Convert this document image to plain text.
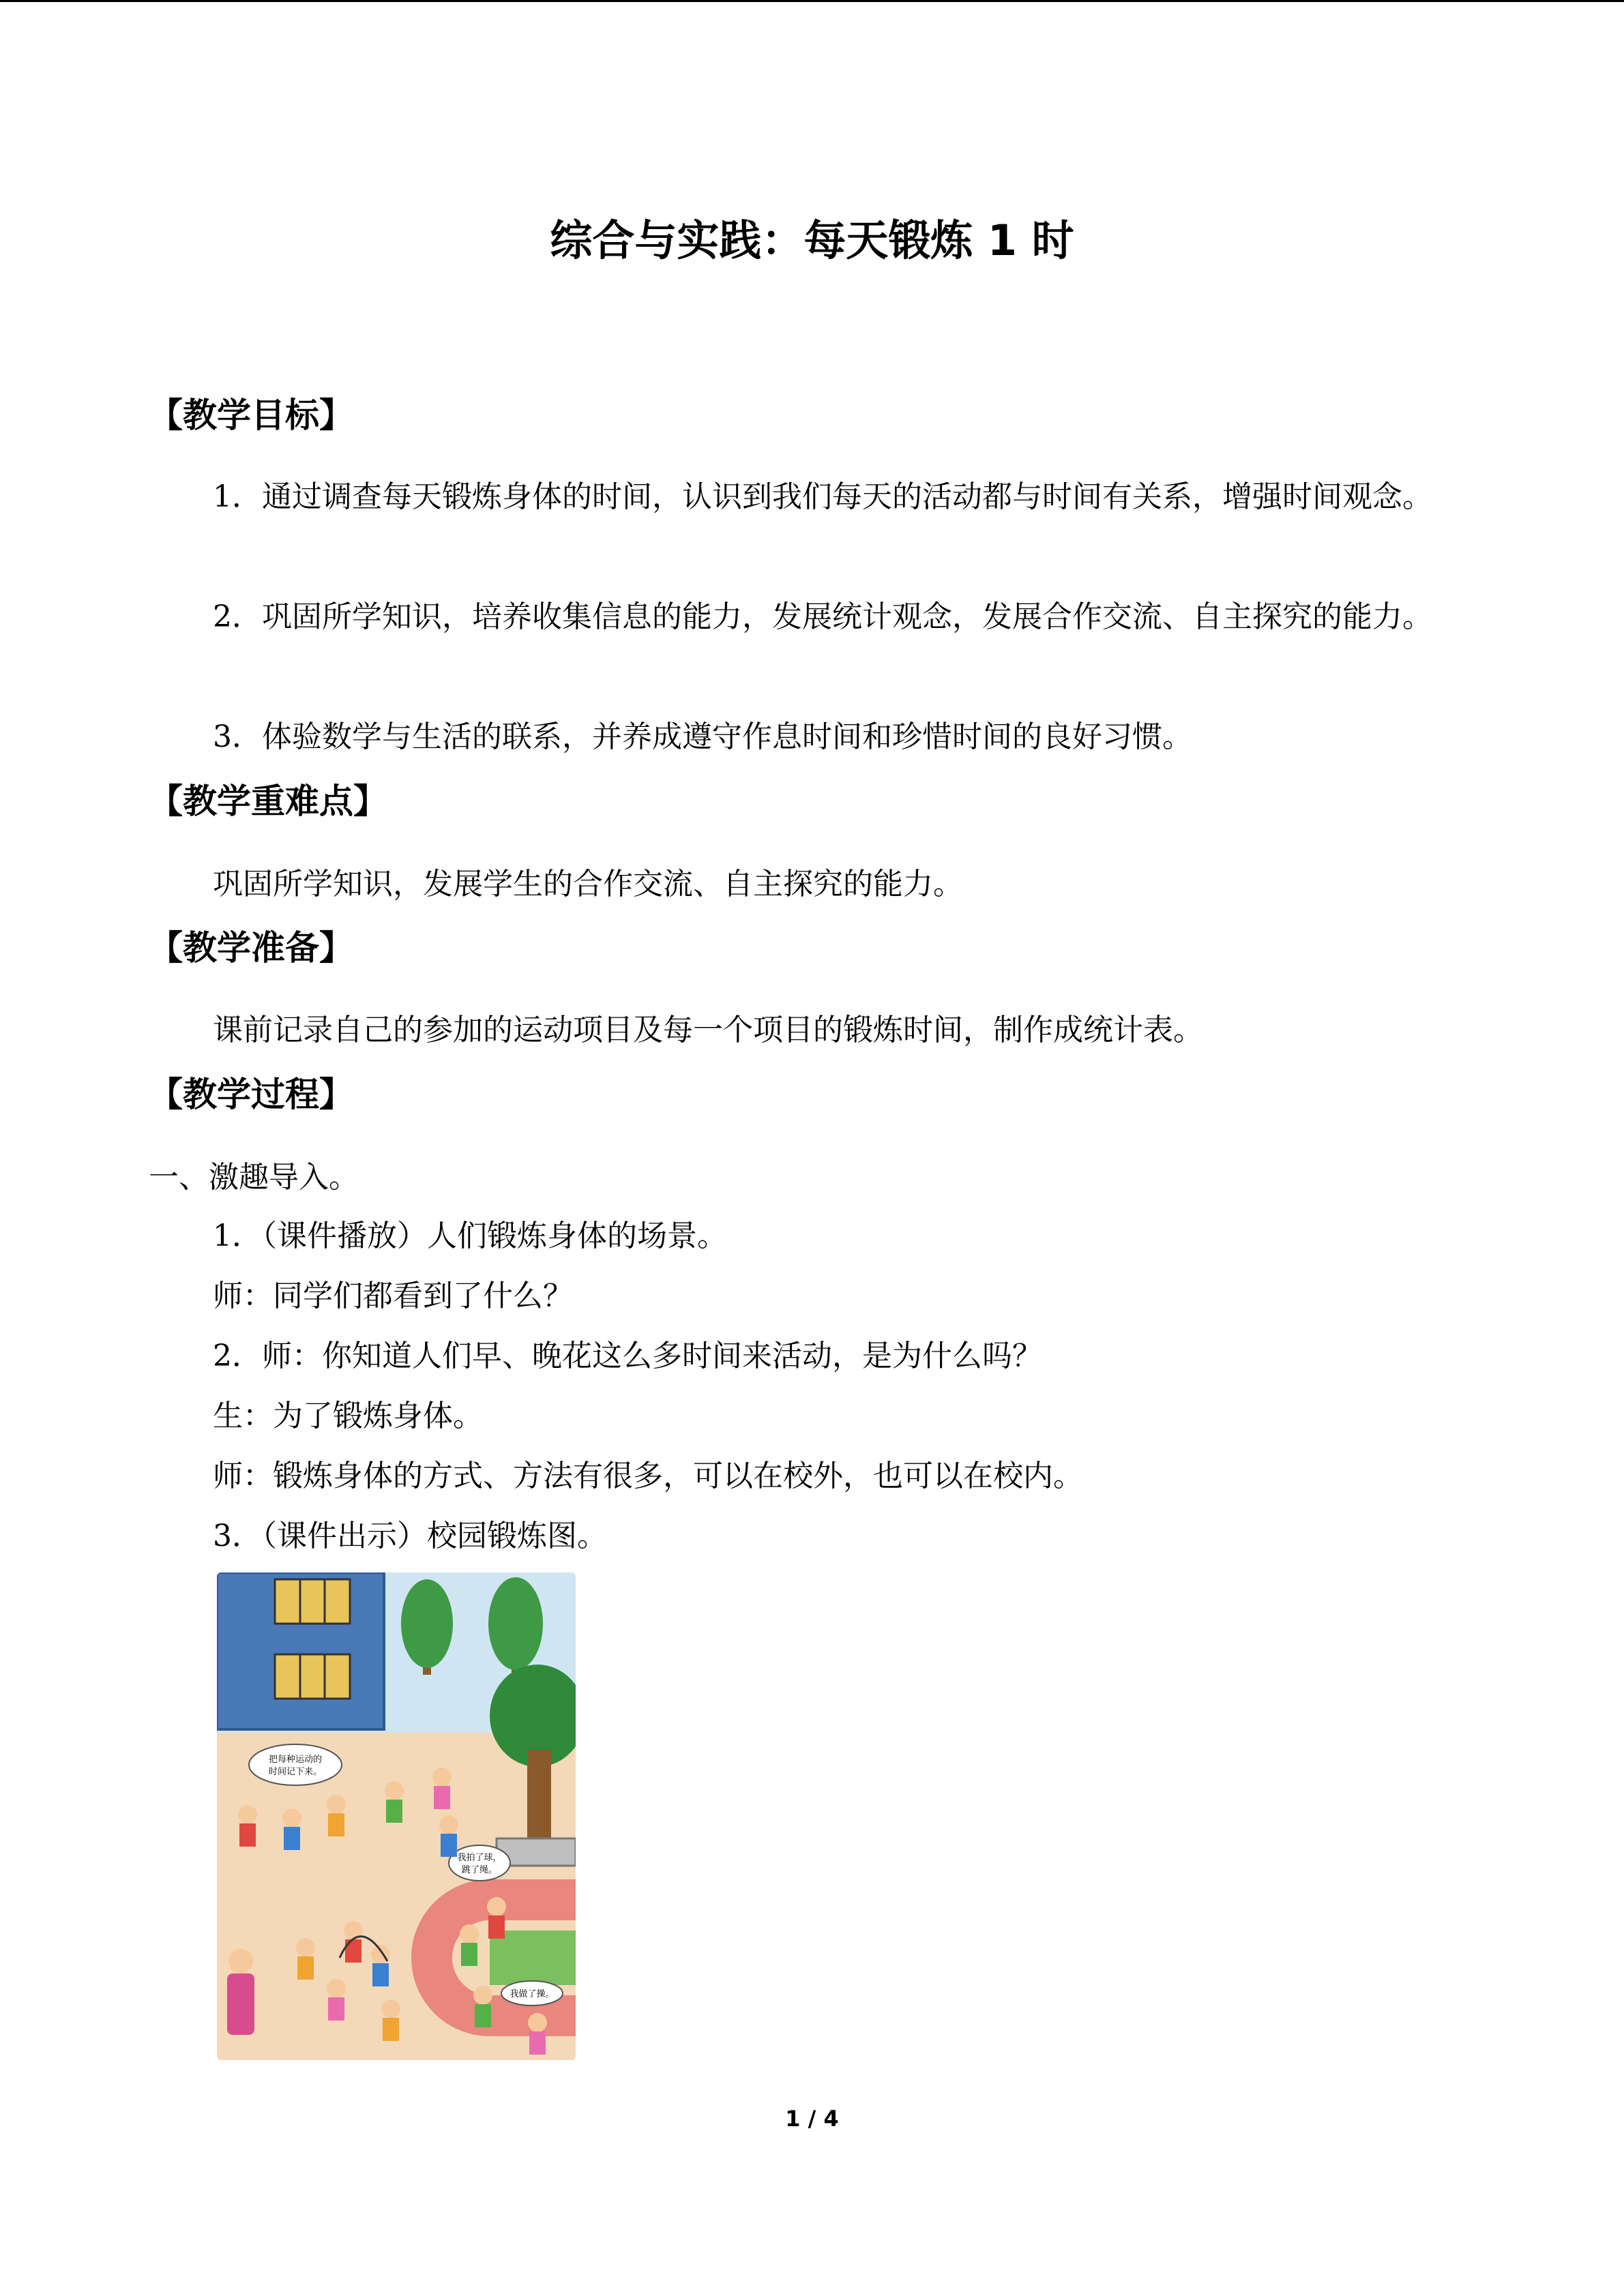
综合与实践：每天锻炼 1 时
【教学目标】
1．通过调查每天锻炼身体的时间，认识到我们每天的活动都与时间有关系，增强时间观念。
2．巩固所学知识，培养收集信息的能力，发展统计观念，发展合作交流、自主探究的能力。
3．体验数学与生活的联系，并养成遵守作息时间和珍惜时间的良好习惯。
【教学重难点】
巩固所学知识，发展学生的合作交流、自主探究的能力。
【教学准备】
课前记录自己的参加的运动项目及每一个项目的锻炼时间，制作成统计表。
【教学过程】
一、激趣导入。
1．（课件播放）人们锻炼身体的场景。
师：同学们都看到了什么？
2．师：你知道人们早、晚花这么多时间来活动，是为什么吗？
生：为了锻炼身体。
师：锻炼身体的方式、方法有很多，可以在校外，也可以在校内。
3．（课件出示）校园锻炼图。
把每种运动的
时间记下来。
我拍了球，
跳了绳。
我做了操。
1 / 4
